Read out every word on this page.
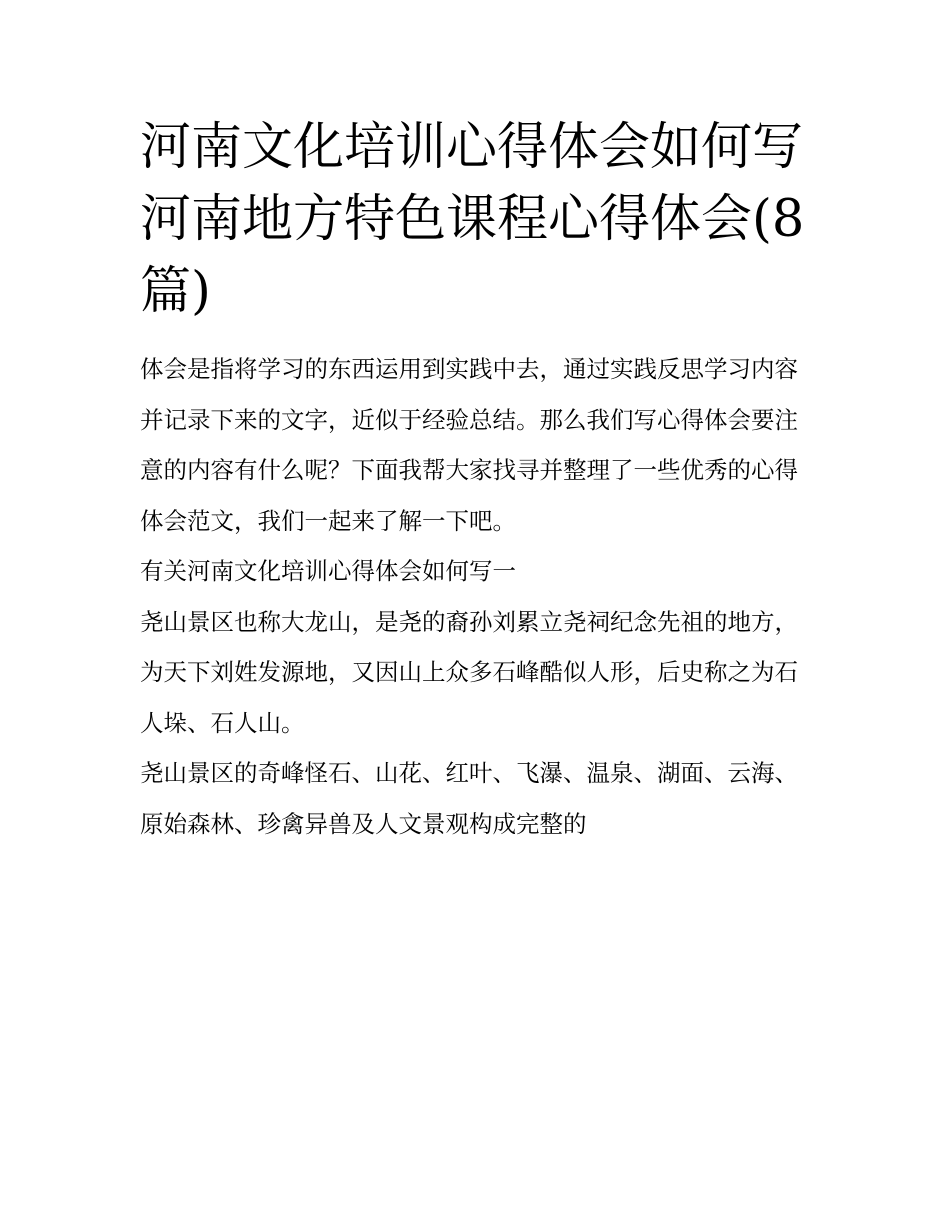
河南文化培训心得体会如何写河南地方特色课程心得体会(8篇)

体会是指将学习的东西运用到实践中去，通过实践反思学习内容并记录下来的文字，近似于经验总结。那么我们写心得体会要注意的内容有什么呢？下面我帮大家找寻并整理了一些优秀的心得体会范文，我们一起来了解一下吧。

有关河南文化培训心得体会如何写一

尧山景区也称大龙山，是尧的裔孙刘累立尧祠纪念先祖的地方，为天下刘姓发源地，又因山上众多石峰酷似人形，后史称之为石人垛、石人山。

尧山景区的奇峰怪石、山花、红叶、飞瀑、温泉、湖面、云海、原始森林、珍禽异兽及人文景观构成完整的
